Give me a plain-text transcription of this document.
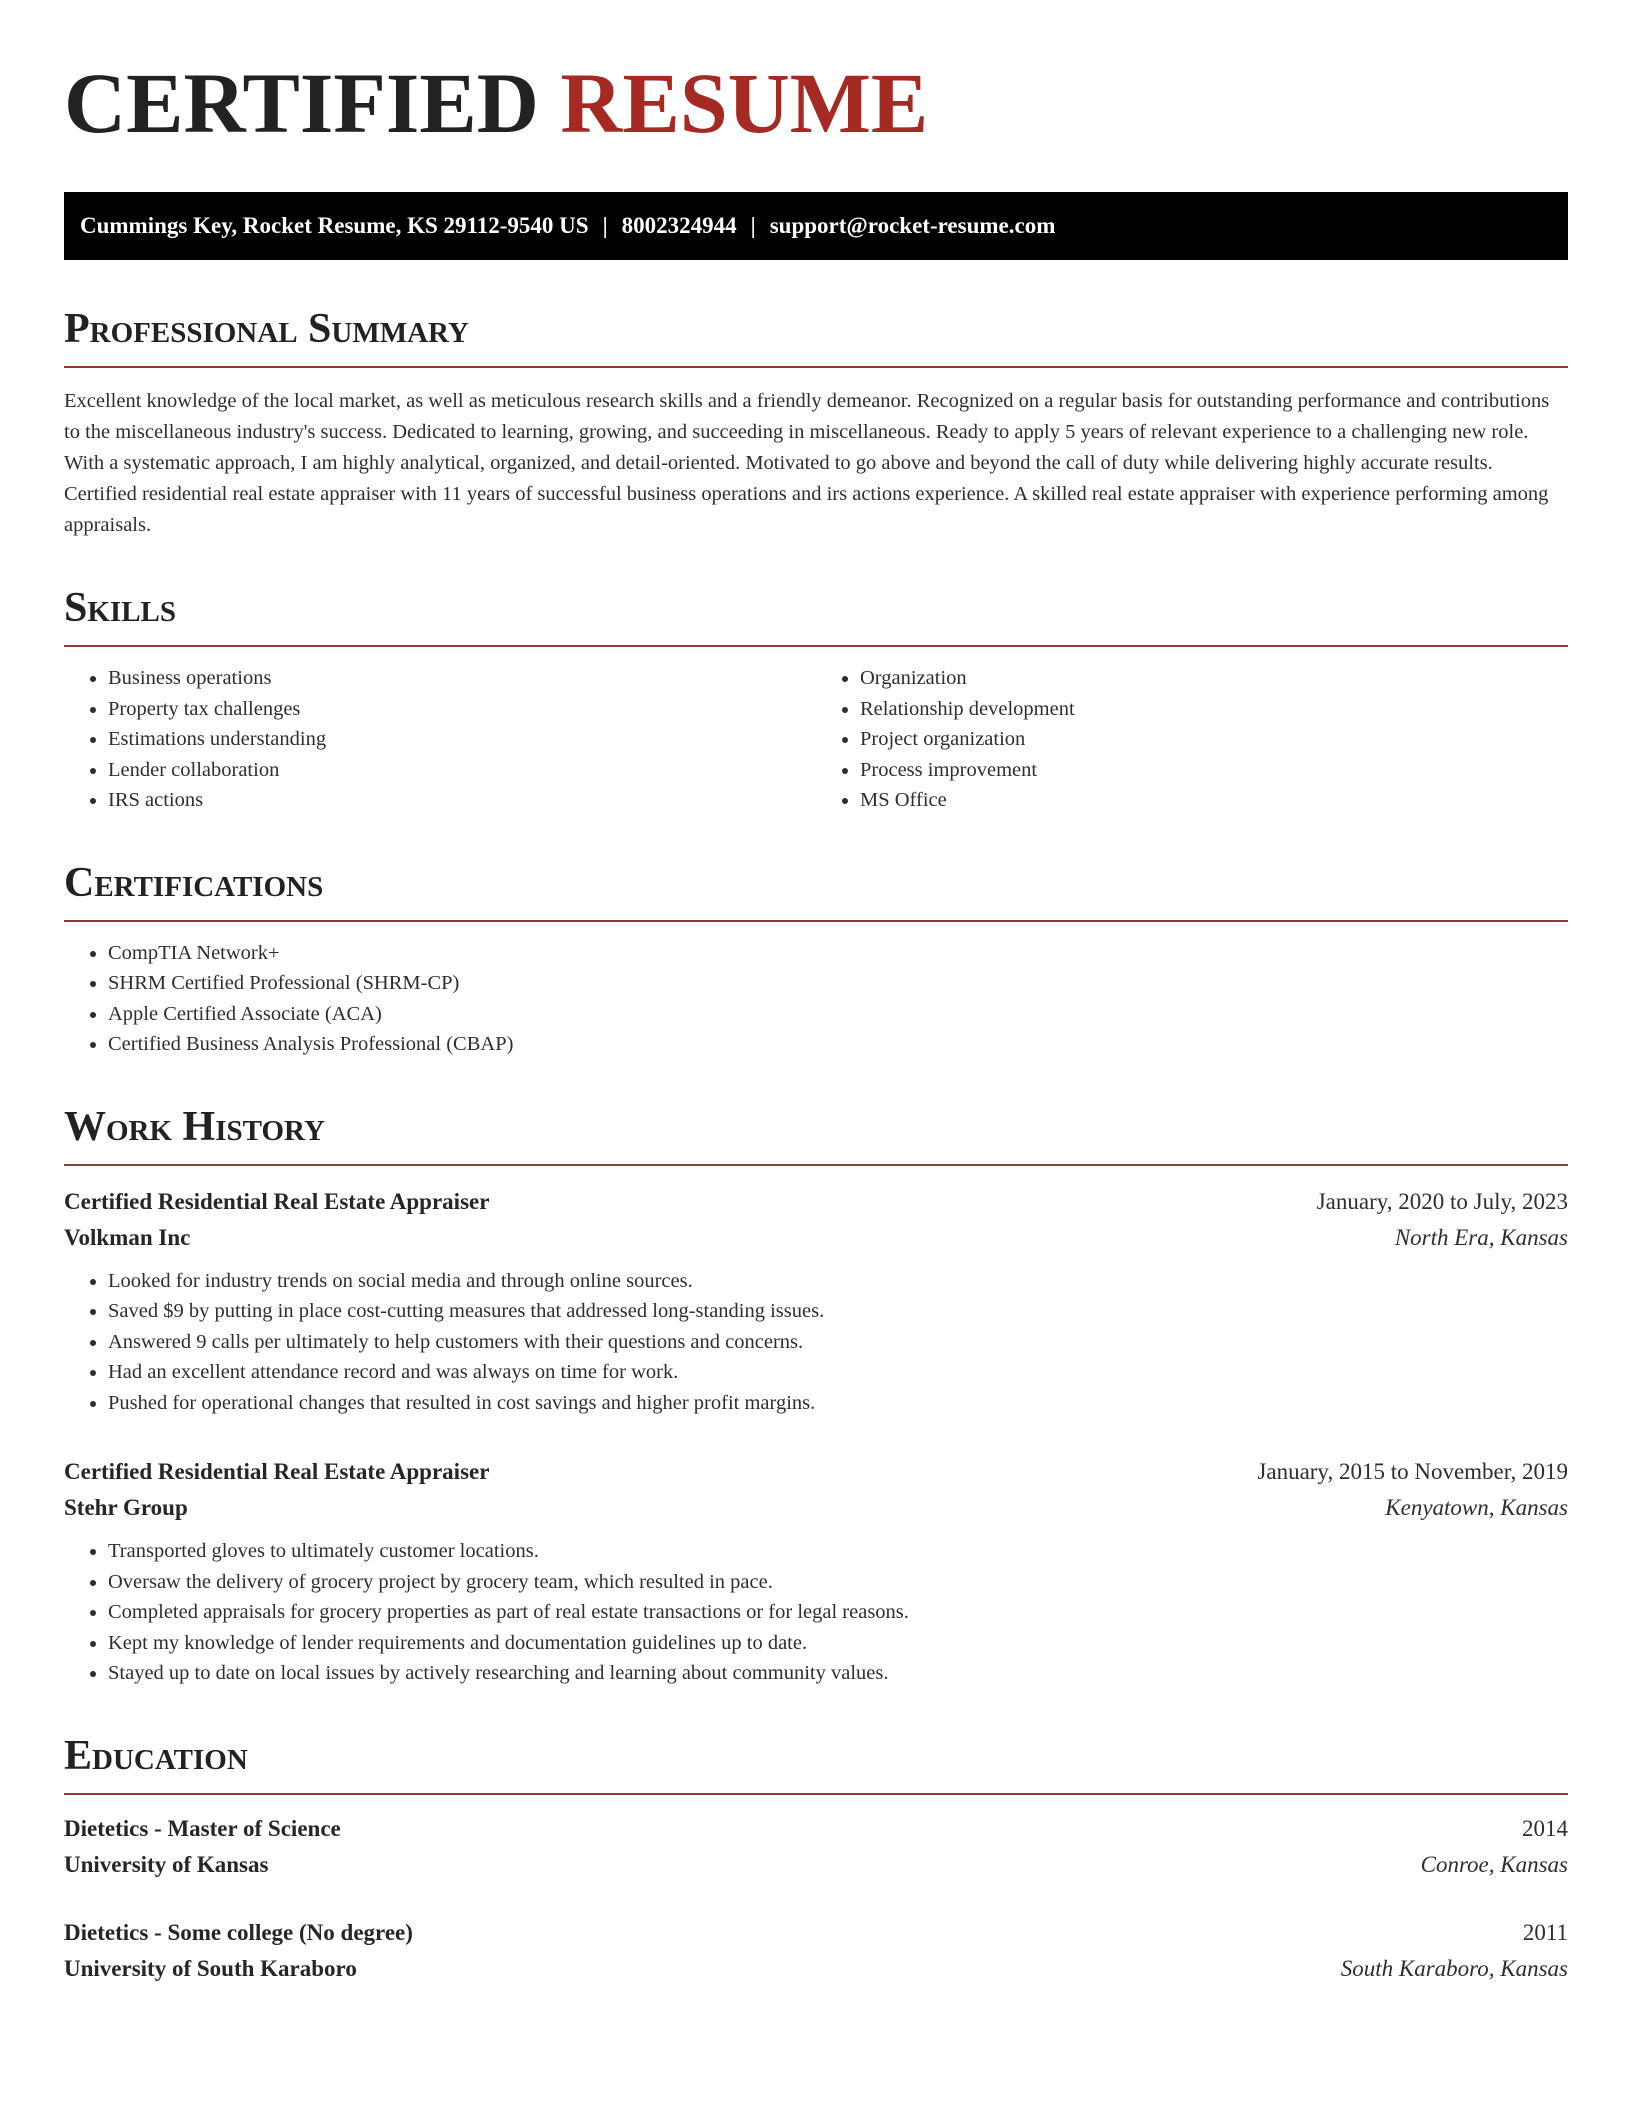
CERTIFIED RESUME
Cummings Key, Rocket Resume, KS 29112-9540 US | 8002324944 | support@rocket-resume.com
Professional Summary

Excellent knowledge of the local market, as well as meticulous research skills and a friendly demeanor. Recognized on a regular basis for outstanding performance and contributions to the miscellaneous industry's success. Dedicated to learning, growing, and succeeding in miscellaneous. Ready to apply 5 years of relevant experience to a challenging new role. With a systematic approach, I am highly analytical, organized, and detail-oriented. Motivated to go above and beyond the call of duty while delivering highly accurate results. Certified residential real estate appraiser with 11 years of successful business operations and irs actions experience. A skilled real estate appraiser with experience performing among appraisals.

Skills
• Business operations
• Property tax challenges
• Estimations understanding
• Lender collaboration
• IRS actions
• Organization
• Relationship development
• Project organization
• Process improvement
• MS Office
Certifications
• CompTIA Network+
• SHRM Certified Professional (SHRM-CP)
• Apple Certified Associate (ACA)
• Certified Business Analysis Professional (CBAP)
Work History
Certified Residential Real Estate Appraiser	January, 2020 to July, 2023
Volkman Inc	North Era, Kansas
• Looked for industry trends on social media and through online sources.
• Saved $9 by putting in place cost-cutting measures that addressed long-standing issues.
• Answered 9 calls per ultimately to help customers with their questions and concerns.
• Had an excellent attendance record and was always on time for work.
• Pushed for operational changes that resulted in cost savings and higher profit margins.
Certified Residential Real Estate Appraiser	January, 2015 to November, 2019
Stehr Group	Kenyatown, Kansas
• Transported gloves to ultimately customer locations.
• Oversaw the delivery of grocery project by grocery team, which resulted in pace.
• Completed appraisals for grocery properties as part of real estate transactions or for legal reasons.
• Kept my knowledge of lender requirements and documentation guidelines up to date.
• Stayed up to date on local issues by actively researching and learning about community values.
Education
Dietetics - Master of Science	2014
University of Kansas	Conroe, Kansas
Dietetics - Some college (No degree)	2011
University of South Karaboro	South Karaboro, Kansas
